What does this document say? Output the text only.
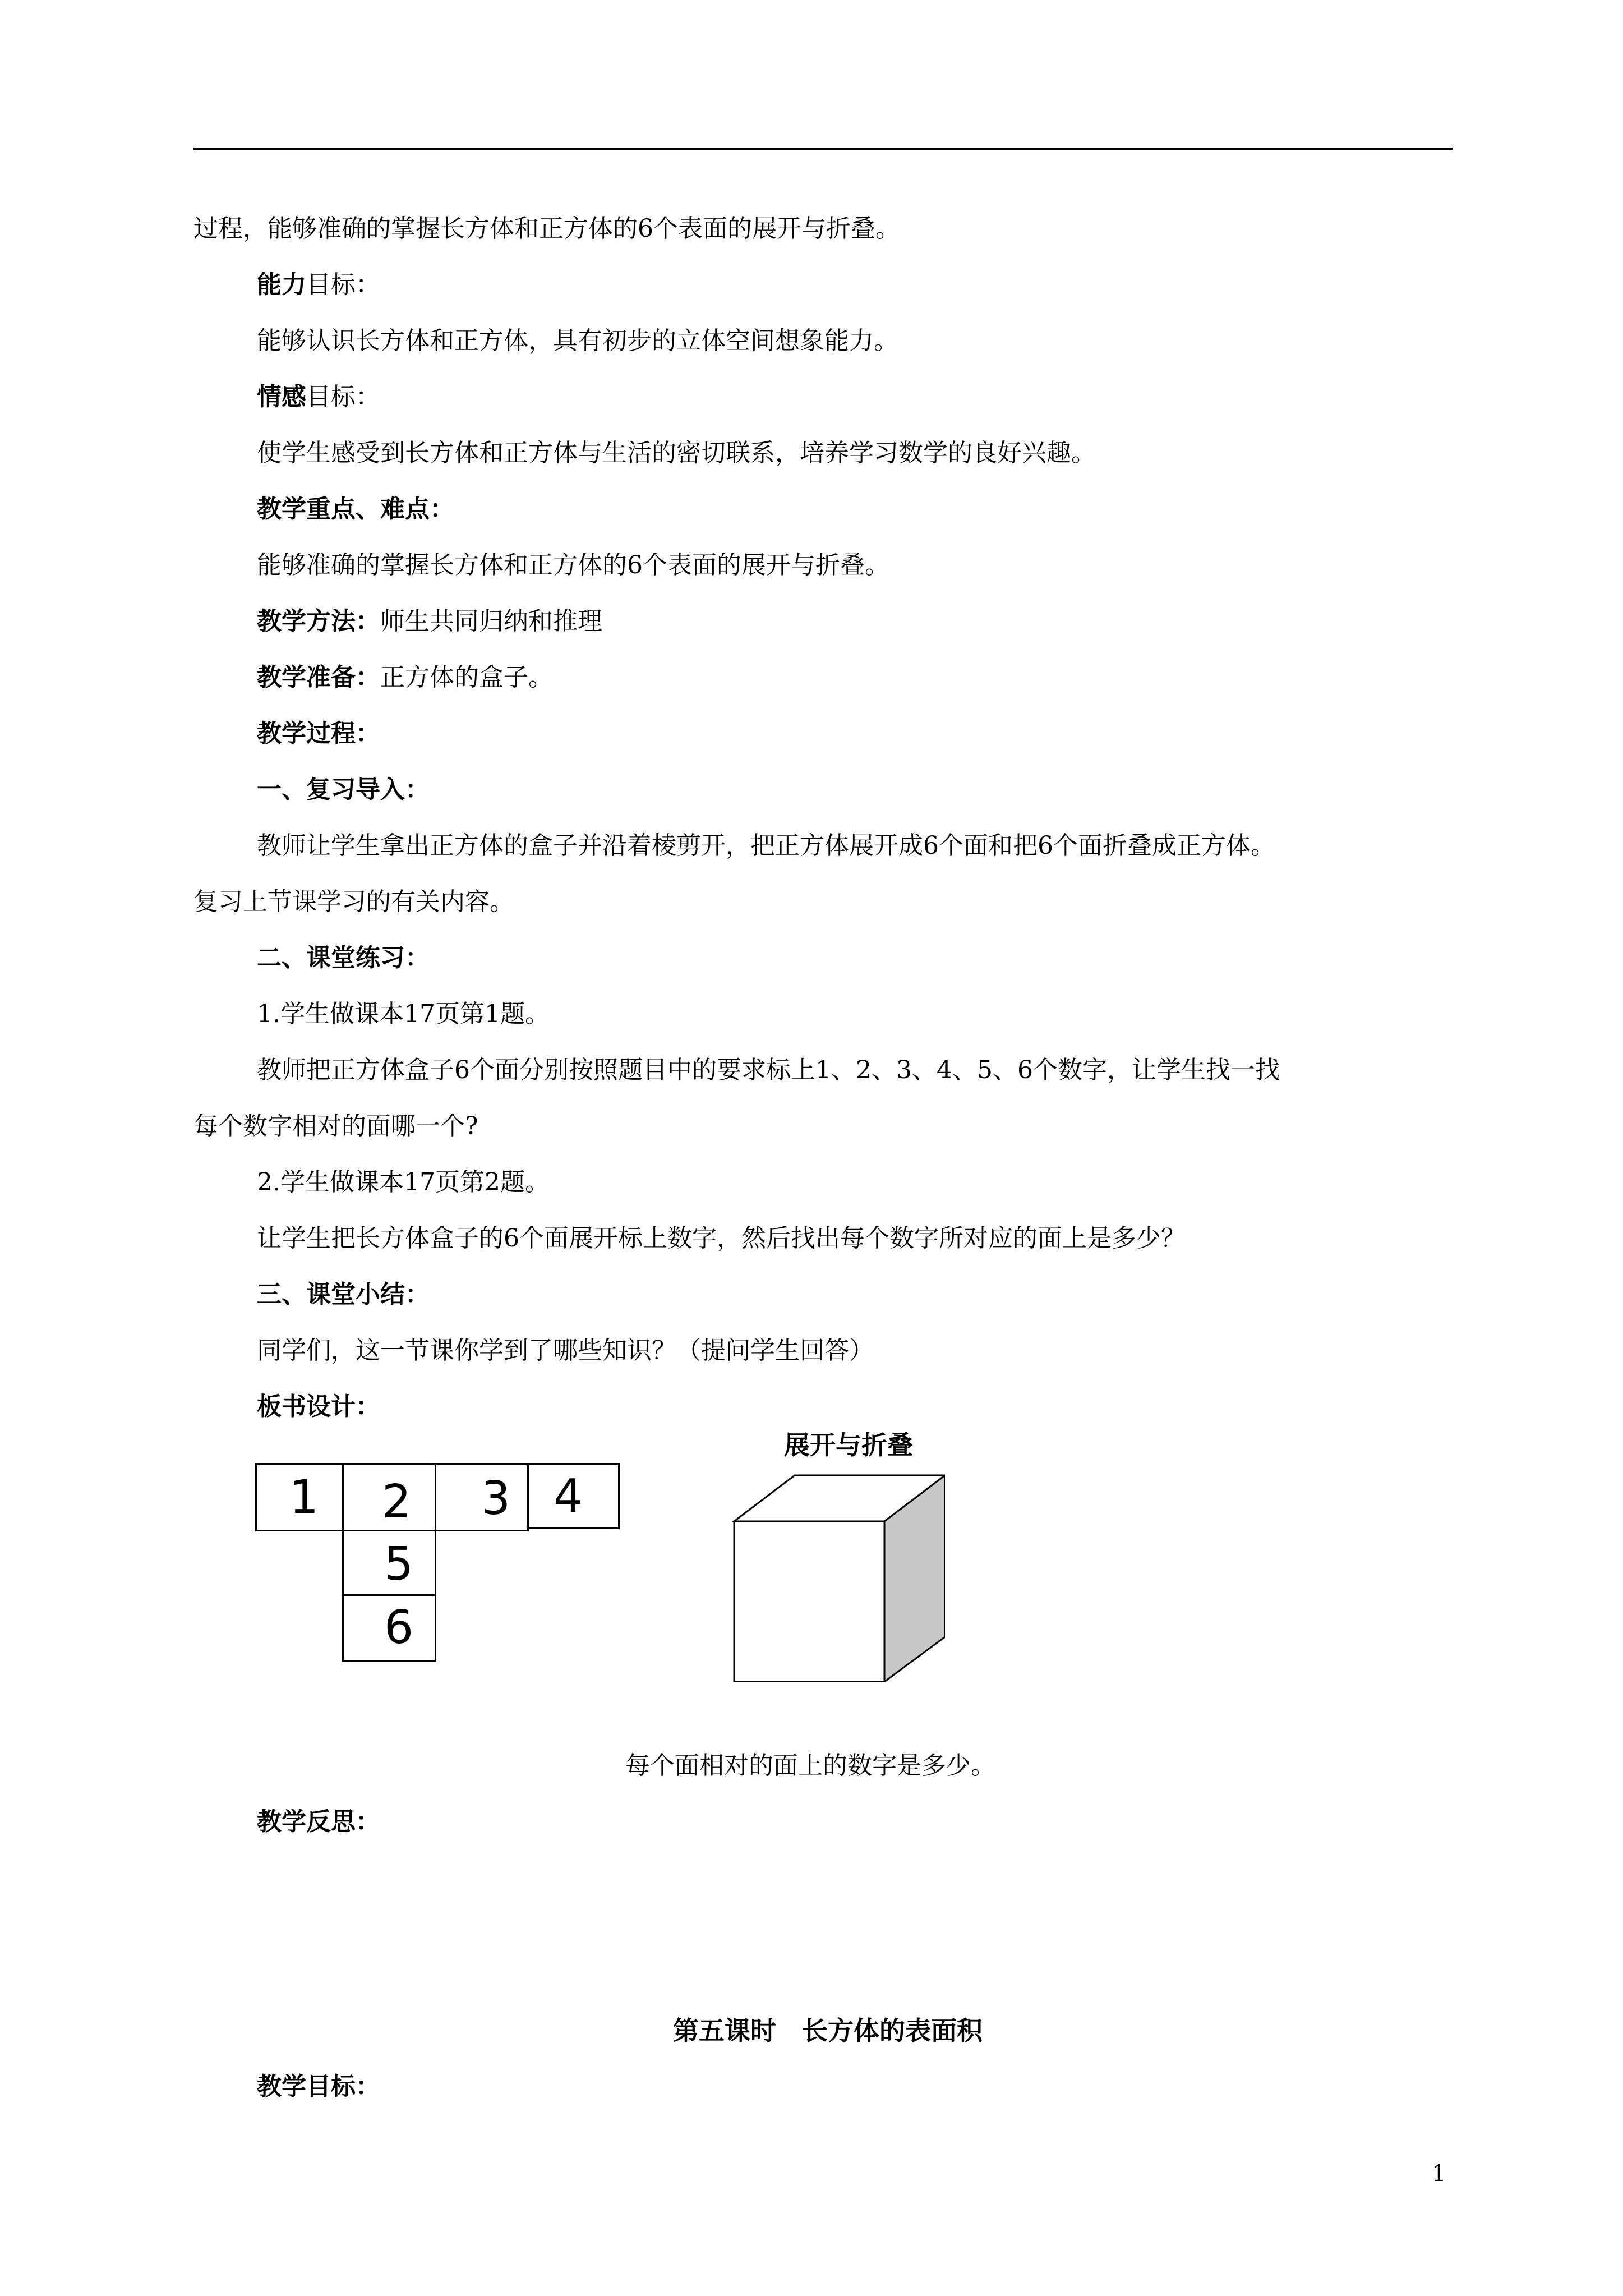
过程，能够准确的掌握长方体和正方体的6个表面的展开与折叠。
能力目标：
能够认识长方体和正方体，具有初步的立体空间想象能力。
情感目标：
使学生感受到长方体和正方体与生活的密切联系，培养学习数学的良好兴趣。
教学重点、难点：
能够准确的掌握长方体和正方体的6个表面的展开与折叠。
教学方法：师生共同归纳和推理
教学准备：正方体的盒子。
教学过程：
一、复习导入：
教师让学生拿出正方体的盒子并沿着棱剪开，把正方体展开成6个面和把6个面折叠成正方体。
复习上节课学习的有关内容。
二、课堂练习：
1.学生做课本17页第1题。
教师把正方体盒子6个面分别按照题目中的要求标上1、2、3、4、5、6个数字，让学生找一找
每个数字相对的面哪一个?
2.学生做课本17页第2题。
让学生把长方体盒子的6个面展开标上数字，然后找出每个数字所对应的面上是多少？
三、课堂小结：
同学们，这一节课你学到了哪些知识？（提问学生回答）
板书设计：
1 2 3 4
5
6
展开与折叠
每个面相对的面上的数字是多少。
教学反思：
第五课时 长方体的表面积
教学目标：
1
